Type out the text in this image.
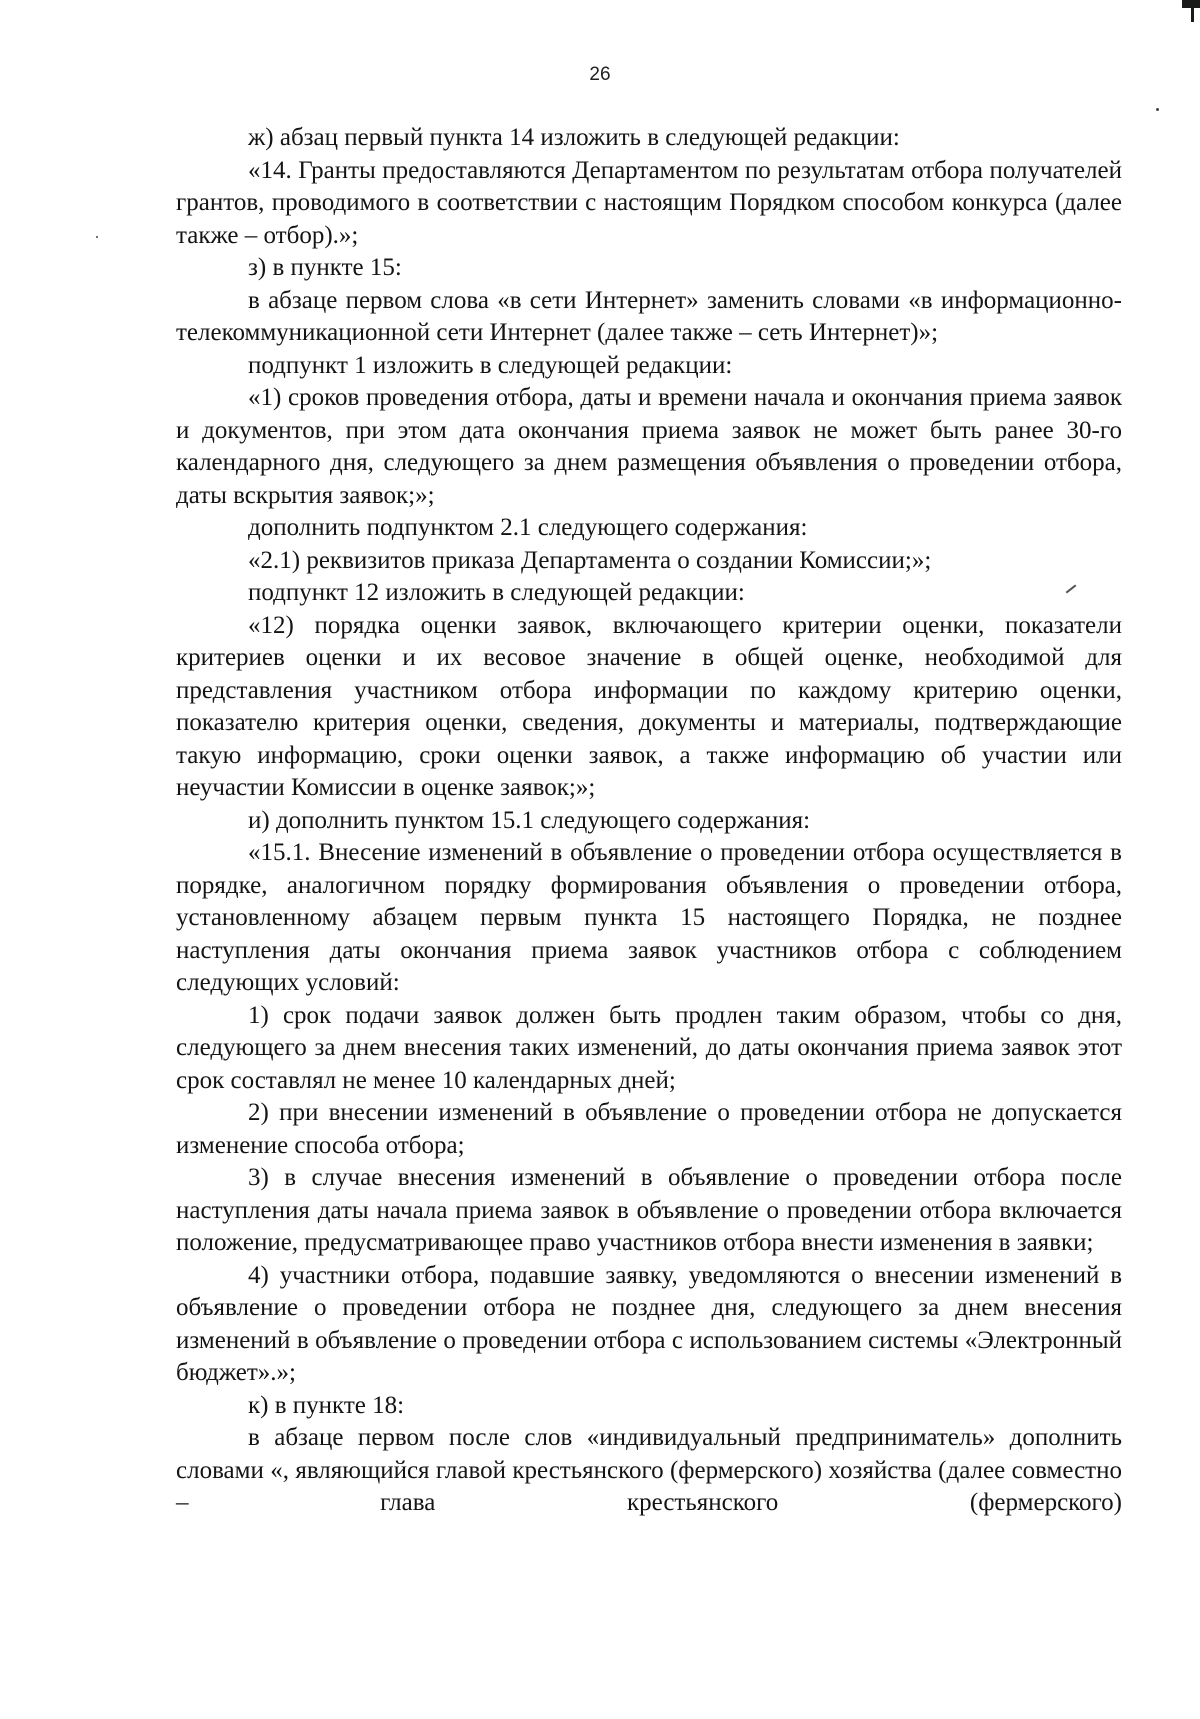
26

ж) абзац первый пункта 14 изложить в следующей редакции:

«14. Гранты предоставляются Департаментом по результатам отбора получателей грантов, проводимого в соответствии с настоящим Порядком способом конкурса (далее также – отбор).»;

з) в пункте 15:

в абзаце первом слова «в сети Интернет» заменить словами «в информационно-телекоммуникационной сети Интернет (далее также – сеть Интернет)»;

подпункт 1 изложить в следующей редакции:

«1) сроков проведения отбора, даты и времени начала и окончания приема заявок и документов, при этом дата окончания приема заявок не может быть ранее 30-го календарного дня, следующего за днем размещения объявления о проведении отбора, даты вскрытия заявок;»;

дополнить подпунктом 2.1 следующего содержания:

«2.1) реквизитов приказа Департамента о создании Комиссии;»;

подпункт 12 изложить в следующей редакции:

«12) порядка оценки заявок, включающего критерии оценки, показатели критериев оценки и их весовое значение в общей оценке, необходимой для представления участником отбора информации по каждому критерию оценки, показателю критерия оценки, сведения, документы и материалы, подтверждающие такую информацию, сроки оценки заявок, а также информацию об участии или неучастии Комиссии в оценке заявок;»;

и) дополнить пунктом 15.1 следующего содержания:

«15.1. Внесение изменений в объявление о проведении отбора осуществляется в порядке, аналогичном порядку формирования объявления о проведении отбора, установленному абзацем первым пункта 15 настоящего Порядка, не позднее наступления даты окончания приема заявок участников отбора с соблюдением следующих условий:

1) срок подачи заявок должен быть продлен таким образом, чтобы со дня, следующего за днем внесения таких изменений, до даты окончания приема заявок этот срок составлял не менее 10 календарных дней;

2) при внесении изменений в объявление о проведении отбора не допускается изменение способа отбора;

3) в случае внесения изменений в объявление о проведении отбора после наступления даты начала приема заявок в объявление о проведении отбора включается положение, предусматривающее право участников отбора внести изменения в заявки;

4) участники отбора, подавшие заявку, уведомляются о внесении изменений в объявление о проведении отбора не позднее дня, следующего за днем внесения изменений в объявление о проведении отбора с использованием системы «Электронный бюджет».»;

к) в пункте 18:

в абзаце первом после слов «индивидуальный предприниматель» дополнить словами «, являющийся главой крестьянского (фермерского) хозяйства (далее совместно – глава крестьянского (фермерского)
